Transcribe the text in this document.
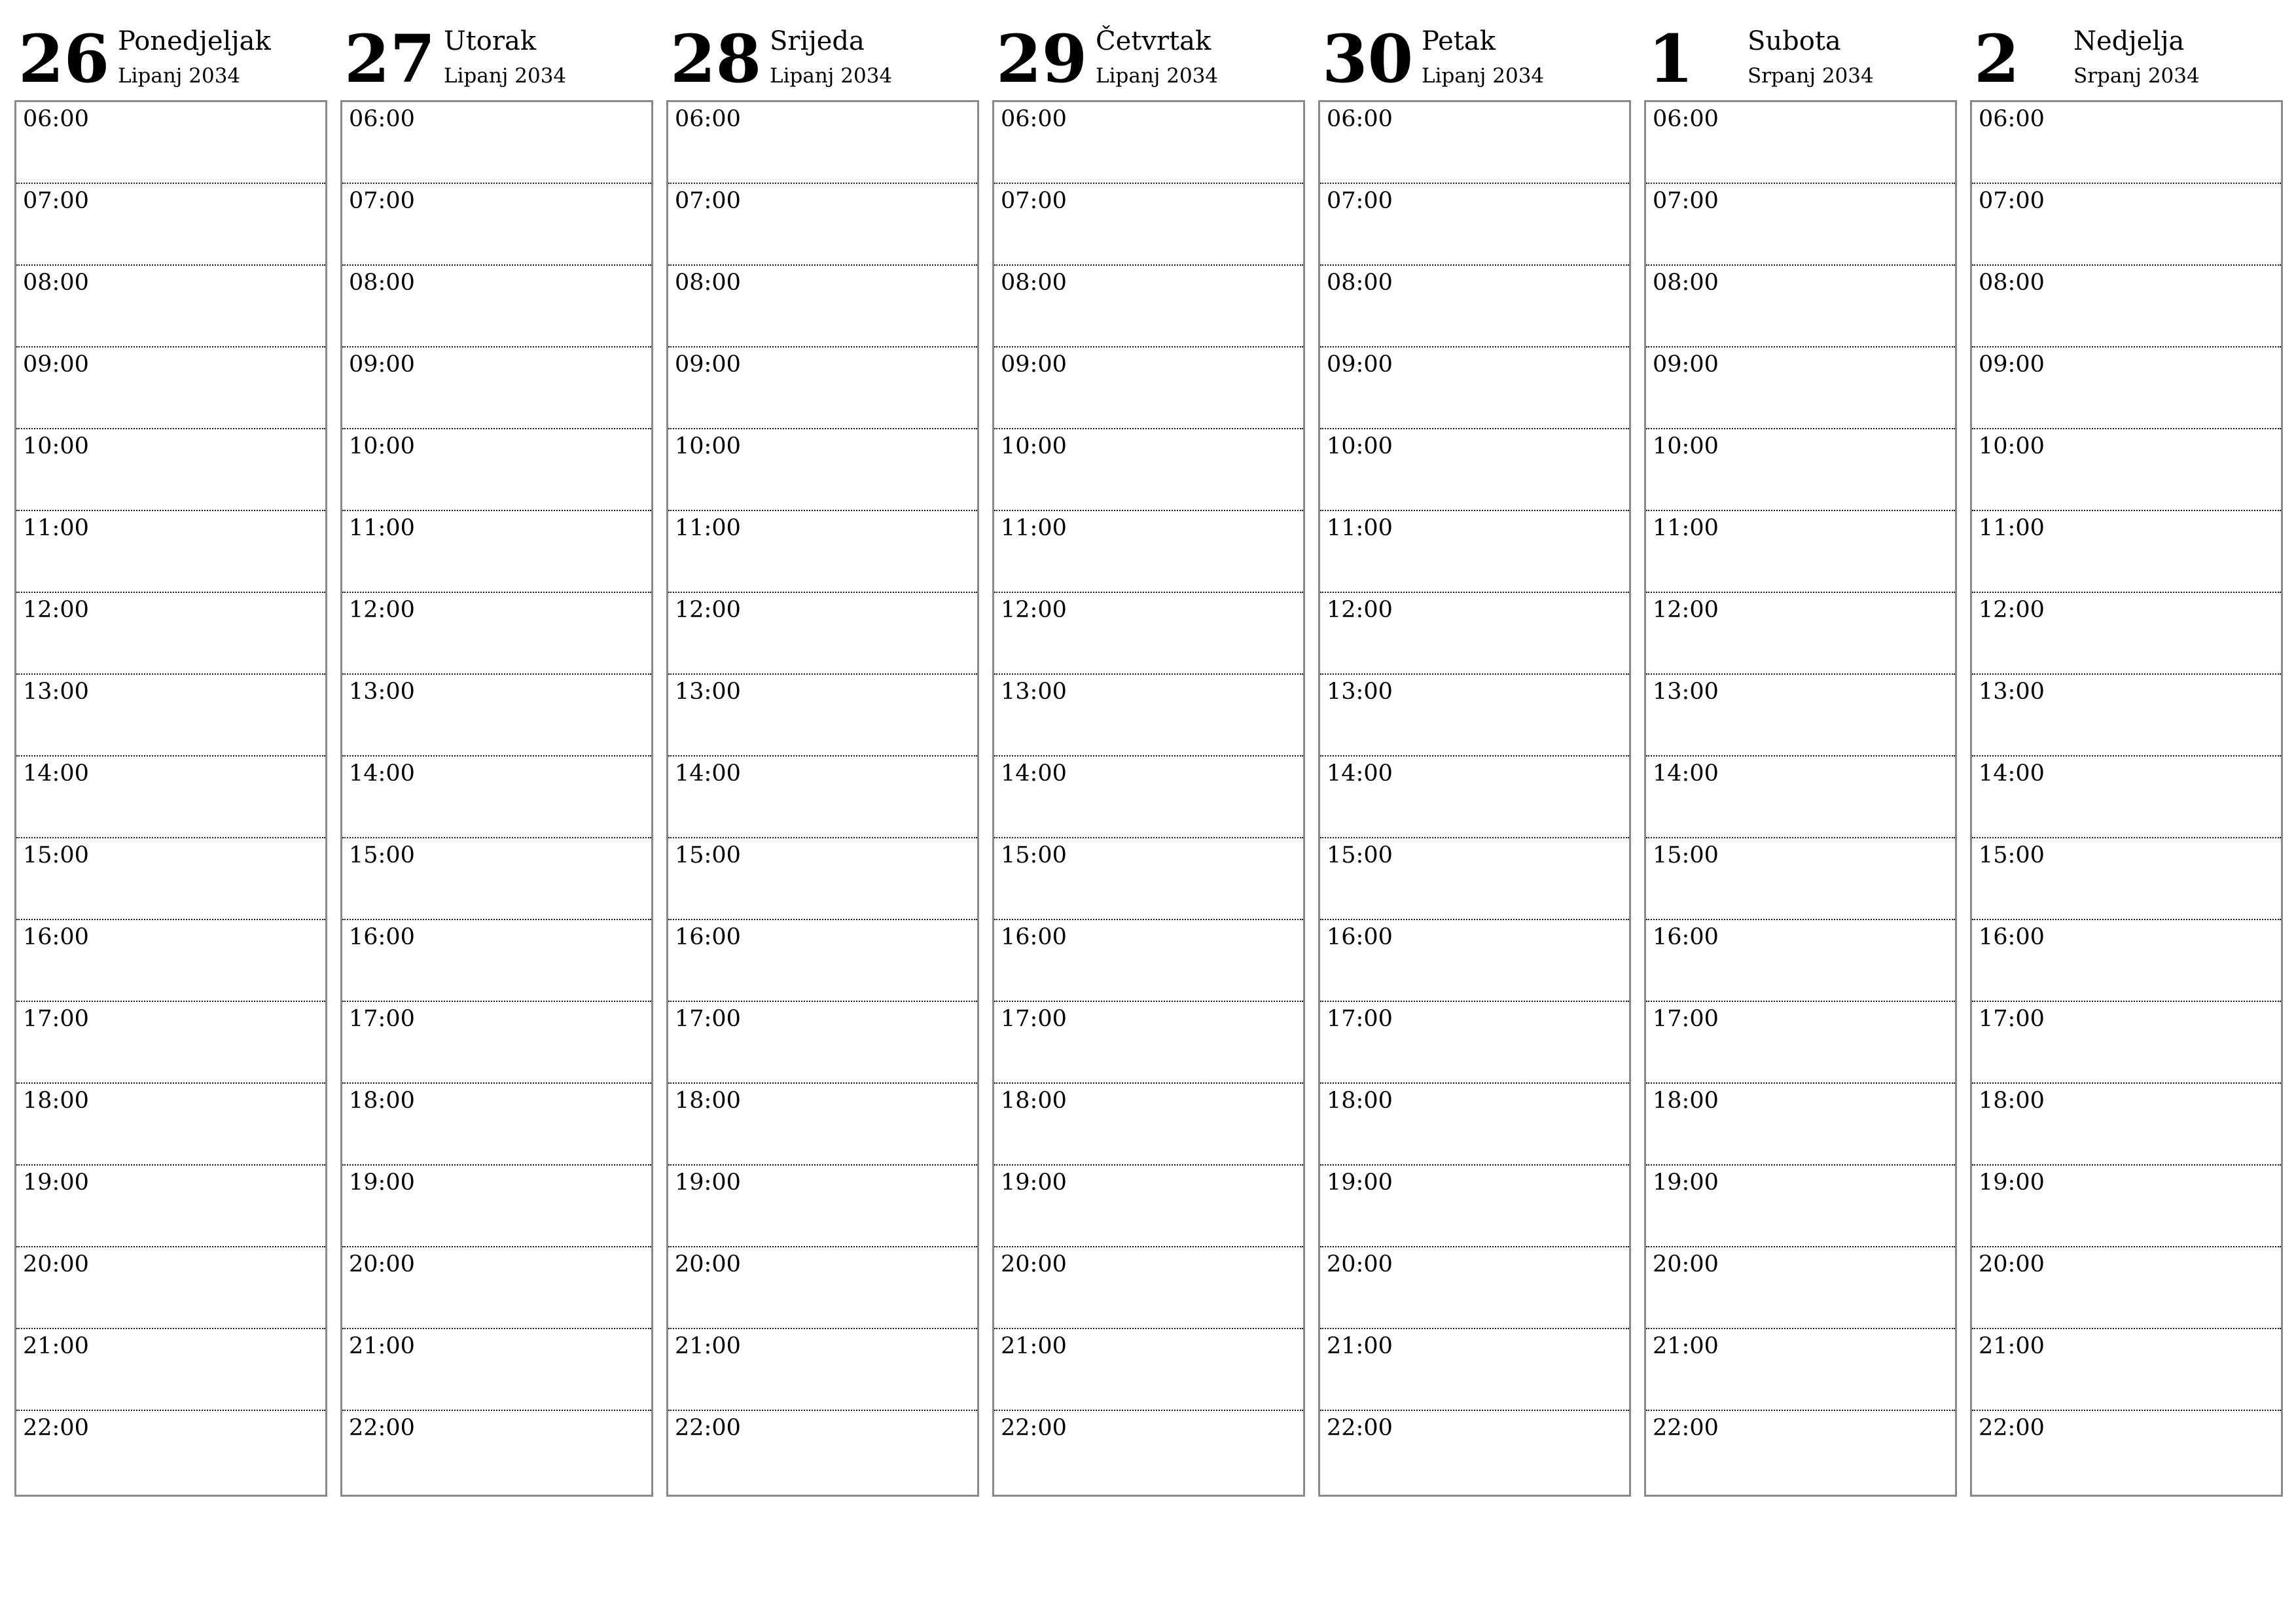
26 Ponedjeljak
Lipanj 2034
06:00
07:00
08:00
09:00
10:00
11:00
12:00
13:00
14:00
15:00
16:00
17:00
18:00
19:00
20:00
21:00
22:00
27 Utorak
Lipanj 2034
06:00
07:00
08:00
09:00
10:00
11:00
12:00
13:00
14:00
15:00
16:00
17:00
18:00
19:00
20:00
21:00
22:00
28 Srijeda
Lipanj 2034
06:00
07:00
08:00
09:00
10:00
11:00
12:00
13:00
14:00
15:00
16:00
17:00
18:00
19:00
20:00
21:00
22:00
29 Četvrtak
Lipanj 2034
06:00
07:00
08:00
09:00
10:00
11:00
12:00
13:00
14:00
15:00
16:00
17:00
18:00
19:00
20:00
21:00
22:00
30 Petak
Lipanj 2034
06:00
07:00
08:00
09:00
10:00
11:00
12:00
13:00
14:00
15:00
16:00
17:00
18:00
19:00
20:00
21:00
22:00
1 Subota
Srpanj 2034
06:00
07:00
08:00
09:00
10:00
11:00
12:00
13:00
14:00
15:00
16:00
17:00
18:00
19:00
20:00
21:00
22:00
2 Nedjelja
Srpanj 2034
06:00
07:00
08:00
09:00
10:00
11:00
12:00
13:00
14:00
15:00
16:00
17:00
18:00
19:00
20:00
21:00
22:00
